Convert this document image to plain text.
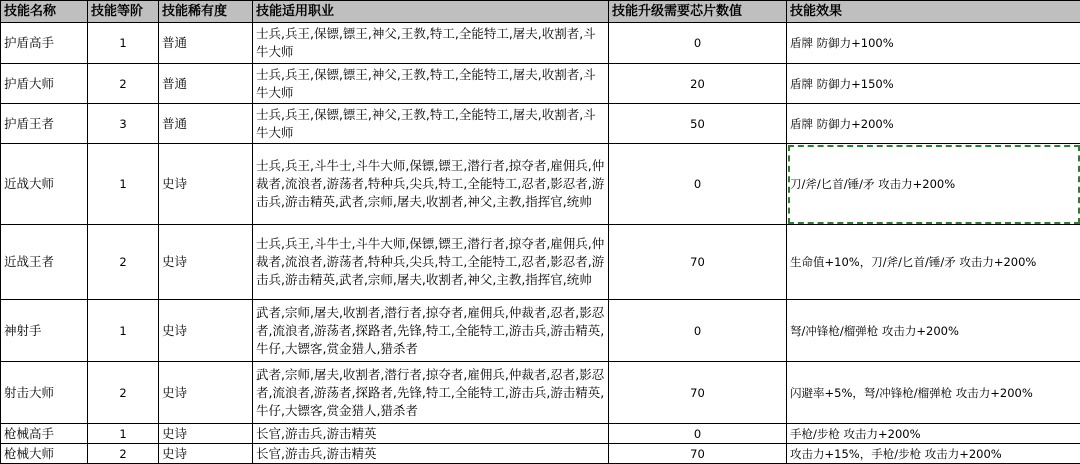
技能名称	技能等阶	技能稀有度	技能适用职业	技能升级需要芯片数值	技能效果
护盾高手	1	普通	士兵,兵王,保镖,镖王,神父,王教,特工,全能特工,屠夫,收割者,斗牛大师	0	盾牌 防御力+100%
护盾大师	2	普通	士兵,兵王,保镖,镖王,神父,王教,特工,全能特工,屠夫,收割者,斗牛大师	20	盾牌 防御力+150%
护盾王者	3	普通	士兵,兵王,保镖,镖王,神父,王教,特工,全能特工,屠夫,收割者,斗牛大师	50	盾牌 防御力+200%
近战大师	1	史诗	士兵,兵王,斗牛士,斗牛大师,保镖,镖王,潜行者,掠夺者,雇佣兵,仲裁者,流浪者,游荡者,特种兵,尖兵,特工,全能特工,忍者,影忍者,游击兵,游击精英,武者,宗师,屠夫,收割者,神父,主教,指挥官,统帅	0	刀/斧/匕首/锤/矛 攻击力+200%
近战王者	2	史诗	士兵,兵王,斗牛士,斗牛大师,保镖,镖王,潜行者,掠夺者,雇佣兵,仲裁者,流浪者,游荡者,特种兵,尖兵,特工,全能特工,忍者,影忍者,游击兵,游击精英,武者,宗师,屠夫,收割者,神父,主教,指挥官,统帅	70	生命值+10%，刀/斧/匕首/锤/矛 攻击力+200%
神射手	1	史诗	武者,宗师,屠夫,收割者,潜行者,掠夺者,雇佣兵,仲裁者,忍者,影忍者,流浪者,游荡者,探路者,先锋,特工,全能特工,游击兵,游击精英,牛仔,大镖客,赏金猎人,猎杀者	0	弩/冲锋枪/榴弹枪 攻击力+200%
射击大师	2	史诗	武者,宗师,屠夫,收割者,潜行者,掠夺者,雇佣兵,仲裁者,忍者,影忍者,流浪者,游荡者,探路者,先锋,特工,全能特工,游击兵,游击精英,牛仔,大镖客,赏金猎人,猎杀者	70	闪避率+5%，弩/冲锋枪/榴弹枪 攻击力+200%
枪械高手	1	史诗	长官,游击兵,游击精英	0	手枪/步枪 攻击力+200%
枪械大师	2	史诗	长官,游击兵,游击精英	70	攻击力+15%，手枪/步枪 攻击力+200%
